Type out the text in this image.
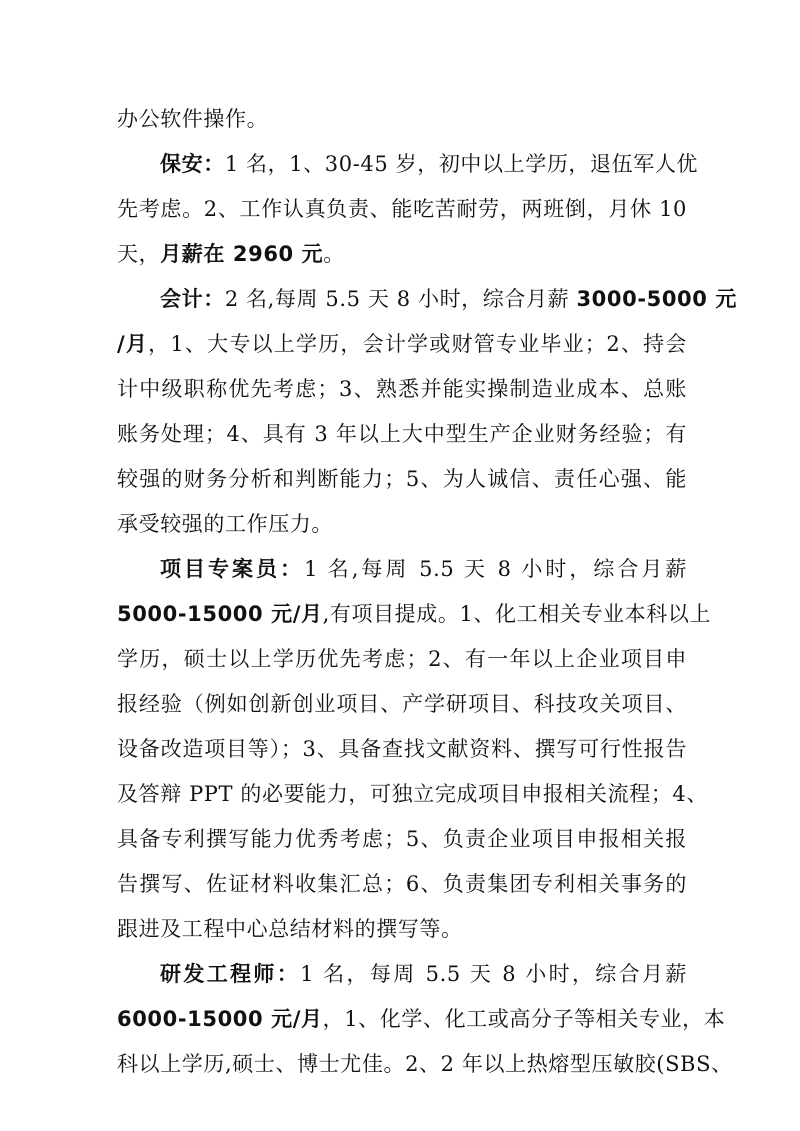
办公软件操作。
保安：1 名，1、30-45 岁，初中以上学历，退伍军人优
先考虑。2、工作认真负责、能吃苦耐劳，两班倒，月休 10
天，月薪在 2960 元。
会计：2 名,每周 5.5 天 8 小时，综合月薪 3000-5000 元
/月，1、大专以上学历，会计学或财管专业毕业；2、持会
计中级职称优先考虑；3、熟悉并能实操制造业成本、总账
账务处理；4、具有 3 年以上大中型生产企业财务经验；有
较强的财务分析和判断能力；5、为人诚信、责任心强、能
承受较强的工作压力。
项目专案员：1 名,每周 5.5 天 8 小时，综合月薪
5000-15000 元/月,有项目提成。1、化工相关专业本科以上
学历，硕士以上学历优先考虑；2、有一年以上企业项目申
报经验（例如创新创业项目、产学研项目、科技攻关项目、
设备改造项目等）；3、具备查找文献资料、撰写可行性报告
及答辩 PPT 的必要能力，可独立完成项目申报相关流程；4、
具备专利撰写能力优秀考虑；5、负责企业项目申报相关报
告撰写、佐证材料收集汇总；6、负责集团专利相关事务的
跟进及工程中心总结材料的撰写等。
研发工程师：1 名，每周 5.5 天 8 小时，综合月薪
6000-15000 元/月，1、化学、化工或高分子等相关专业，本
科以上学历,硕士、博士尤佳。2、2 年以上热熔型压敏胶(SBS、
